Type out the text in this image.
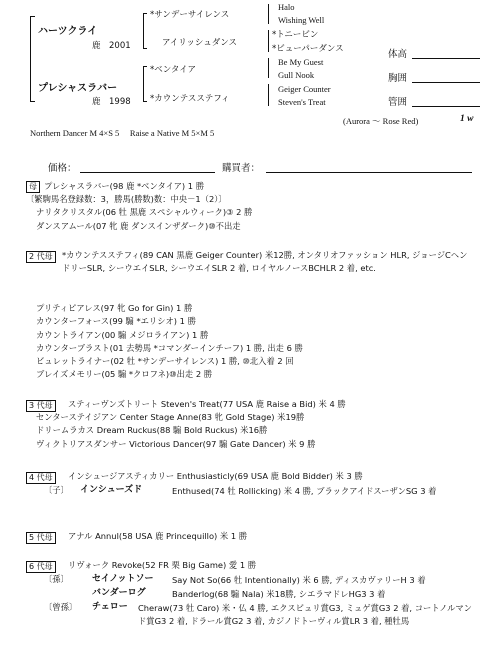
ハーツクライ
鹿　2001
プレシャスラバー
鹿　1998
*サンデーサイレンス
アイリッシュダンス
*ベンタイア
*カウンテスステフィ
Halo
Wishing Well
*トニービン
*ビューパーダンス
Be My Guest
Gull Nook
Geiger Counter
Steven's Treat
体高
胸囲
管囲
(Aurora ～ Rose Red)	1 w
Northern Dancer M 4×S 5　 Raise a Native M 5×M 5
価格：	購買者：
母 プレシャスラバー(98 鹿 *ベンタイア) 1 勝
〔繁駒馬名登録数：3，勝馬(勝数)数：中央－1（2）〕
ナリタクリスタル(06 牡 黒鹿 スペシャルウィーク)③ 2 勝
ダンスアムール(07 牝 鹿 ダンスインザダーク)⑩不出走
2 代母	*カウンテスステフィ(89 CAN 黒鹿 Geiger Counter) 米12勝, オンタリオファッション HLR, ジョージCヘンドリーSLR, シーウエイSLR, シーウエイSLR 2 着, ロイヤルノースBCHLR 2 着, etc.
プリティピアレス(97 牝 Go for Gin) 1 勝
カウンターフォース(99 騸 *エリシオ) 1 勝
カウントライアン(00 騸 メジロライアン) 1 勝
カウンターブラスト(01 去勢馬 *コマンダーインチーフ) 1 勝, 出走 6 勝
ビュレットライナー(02 牡 *サンデーサイレンス) 1 勝, ⑩北入着 2 回
ブレイズメモリー(05 騸 *クロフネ)⑩出走 2 勝
3 代母	スティーヴンズトリート Steven's Treat(77 USA 鹿 Raise a Bid) 米 4 勝
センターステイジアン Center Stage Anne(83 牝 Gold Stage) 米19勝
ドリームラカス Dream Ruckus(88 騸 Bold Ruckus) 米16勝
ヴィクトリアスダンサー Victorious Dancer(97 騸 Gate Dancer) 米 9 勝
4 代母	インシュージアスティカリー Enthusiasticly(69 USA 鹿 Bold Bidder) 米 3 勝
〔子〕 インシューズド	Enthused(74 牡 Rollicking) 米 4 勝, ブラックアイドスーザンSG 3 着
5 代母	アナル Annul(58 USA 鹿 Princequillo) 米 1 勝
6 代母	リヴォーク Revoke(52 FR 栗 Big Game) 愛 1 勝
〔孫〕	セイノットソー Say Not So(66 牡 Intentionally) 米 6 勝, ディスカヴァリーH 3 着
バンダーログ	Banderlog(68 騸 Nala) 米18勝, シエラマドレHG3 3 着
〔曾孫〕 チェロー Cheraw(73 牡 Caro) 米・仏 4 勝, エクスビュリ賞G3, ミュゲ賞G3 2 着, コートノルマンド賞G3 2 着, ドラール賞G2 3 着, カジノドトーヴィル賞LR 3 着, 種牡馬
